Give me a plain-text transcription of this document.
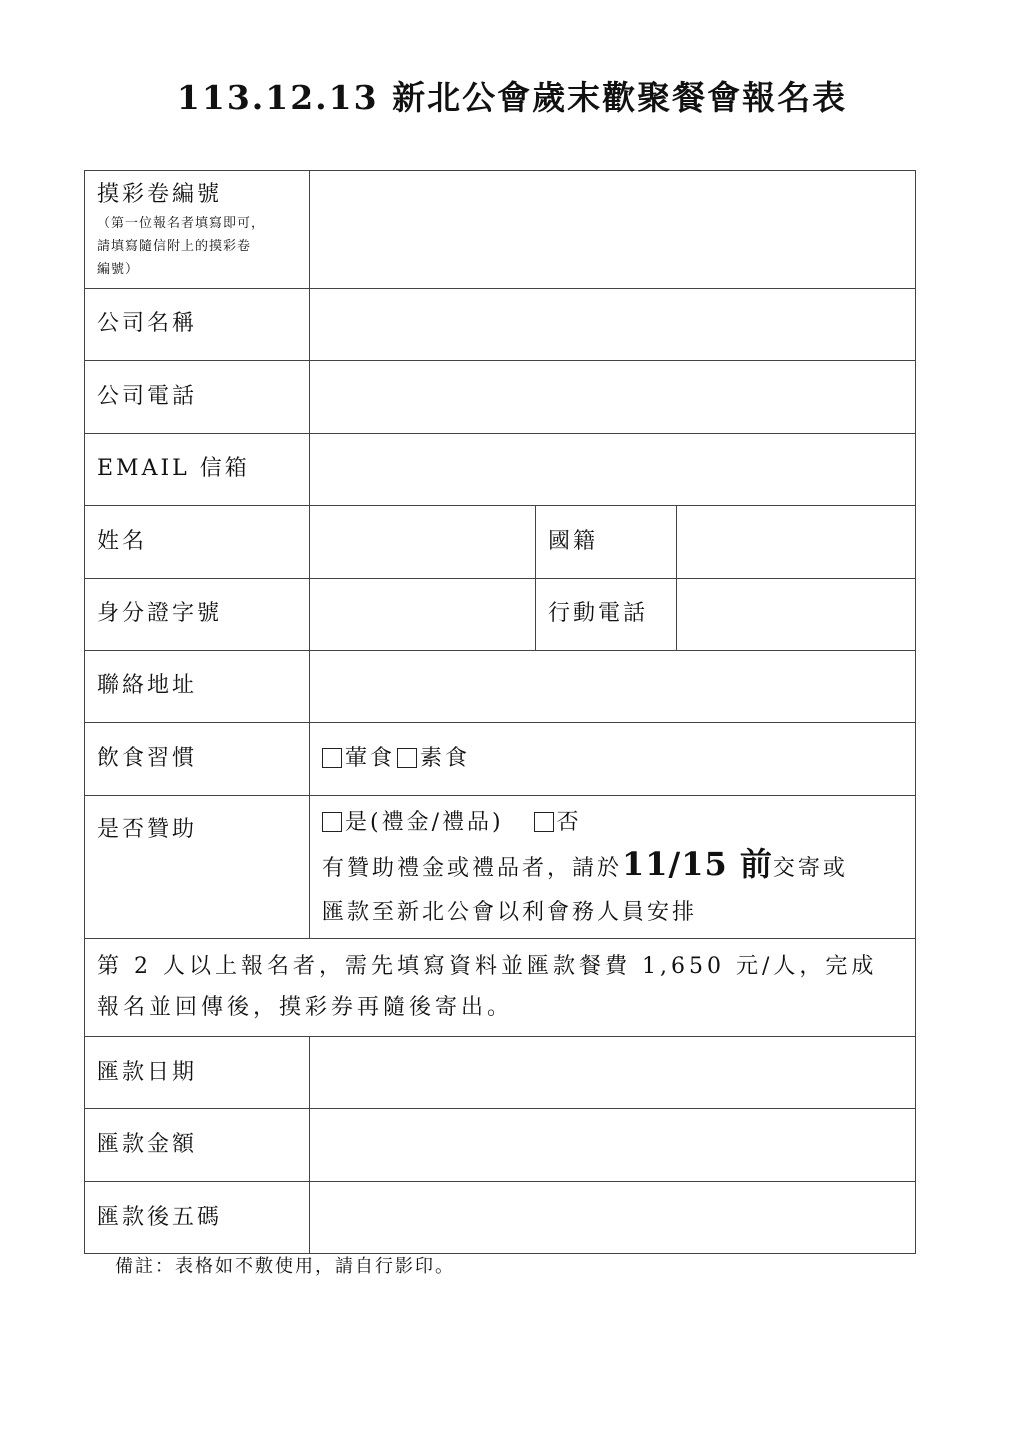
113.12.13 新北公會歲末歡聚餐會報名表
摸彩卷編號
（第一位報名者填寫即可，
請填寫隨信附上的摸彩卷
編號）			

公司名稱			
公司電話			
EMAIL 信箱			
姓名		國籍	
身分證字號		行動電話	
聯絡地址			
飲食習慣	葷食 素食		
是否贊助	是(禮金/禮品) 否
有贊助禮金或禮品者，請於11/15 前交寄或
匯款至新北公會以利會務人員安排		

第 2 人以上報名者，需先填寫資料並匯款餐費 1,650 元/人，完成
報名並回傳後，摸彩券再隨後寄出。			

匯款日期			
匯款金額			
匯款後五碼			
備註：表格如不敷使用，請自行影印。
